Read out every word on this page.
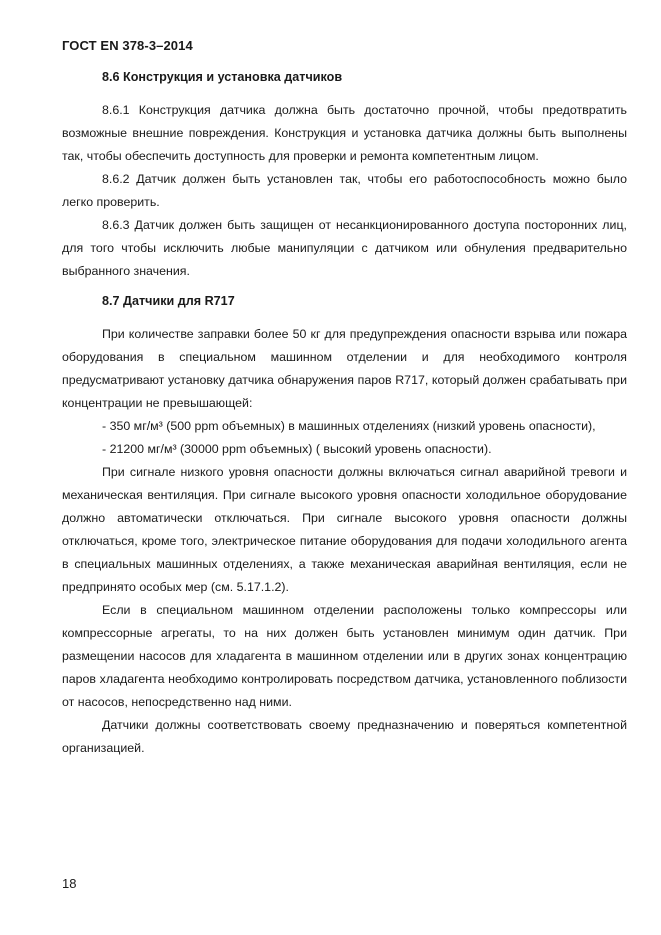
ГОСТ EN 378-3–2014
8.6 Конструкция и установка датчиков

8.6.1 Конструкция датчика должна быть достаточно прочной, чтобы предотвратить возможные внешние повреждения. Конструкция и установка датчика должны быть выполнены так, чтобы обеспечить доступность для проверки и ремонта компетентным лицом.

8.6.2 Датчик должен быть установлен так, чтобы его работоспособность можно было легко проверить.

8.6.3 Датчик должен быть защищен от несанкционированного доступа посторонних лиц, для того чтобы исключить любые манипуляции с датчиком или обнуления предварительно выбранного значения.

8.7 Датчики для R717

При количестве заправки более 50 кг для предупреждения опасности взрыва или пожара оборудования в специальном машинном отделении и для необходимого контроля предусматривают установку датчика обнаружения паров R717, который должен срабатывать при концентрации не превышающей:

- 350 мг/м³ (500 ppm объемных) в машинных отделениях (низкий уровень опасности),

- 21200 мг/м³ (30000 ppm объемных) ( высокий уровень опасности).

При сигнале низкого уровня опасности должны включаться сигнал аварийной тревоги и механическая вентиляция. При сигнале высокого уровня опасности холодильное оборудование должно автоматически отключаться. При сигнале высокого уровня опасности должны отключаться, кроме того, электрическое питание оборудования для подачи холодильного агента в специальных машинных отделениях, а также механическая аварийная вентиляция, если не предпринято особых мер (см. 5.17.1.2).

Если в специальном машинном отделении расположены только компрессоры или компрессорные агрегаты, то на них должен быть установлен минимум один датчик. При размещении насосов для хладагента в машинном отделении или в других зонах концентрацию паров хладагента необходимо контролировать посредством датчика, установленного поблизости от насосов, непосредственно над ними.

Датчики должны соответствовать своему предназначению и поверяться компетентной организацией.

18
